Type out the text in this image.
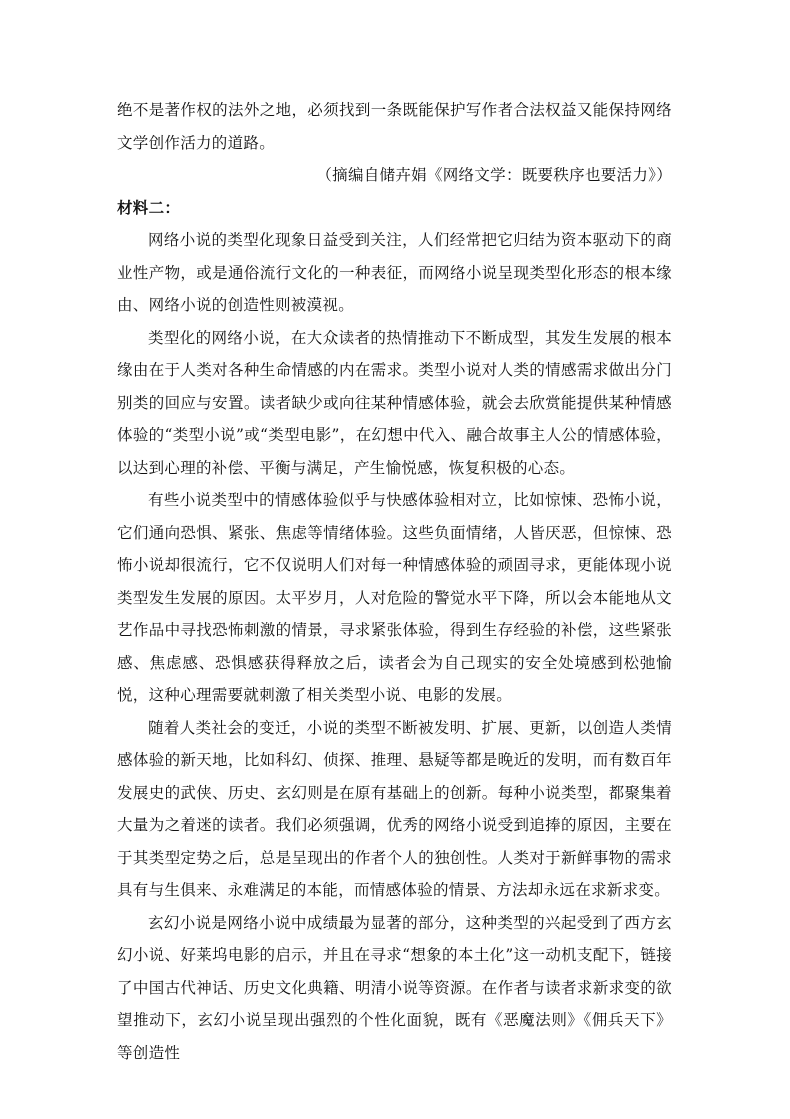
绝不是著作权的法外之地，必须找到一条既能保护写作者合法权益又能保持网络文学创作活力的道路。

（摘编自储卉娟《网络文学：既要秩序也要活力》）

材料二：

网络小说的类型化现象日益受到关注，人们经常把它归结为资本驱动下的商业性产物，或是通俗流行文化的一种表征，而网络小说呈现类型化形态的根本缘由、网络小说的创造性则被漠视。

类型化的网络小说，在大众读者的热情推动下不断成型，其发生发展的根本缘由在于人类对各种生命情感的内在需求。类型小说对人类的情感需求做出分门别类的回应与安置。读者缺少或向往某种情感体验，就会去欣赏能提供某种情感体验的“类型小说”或“类型电影”，在幻想中代入、融合故事主人公的情感体验，以达到心理的补偿、平衡与满足，产生愉悦感，恢复积极的心态。

有些小说类型中的情感体验似乎与快感体验相对立，比如惊悚、恐怖小说，它们通向恐惧、紧张、焦虑等情绪体验。这些负面情绪，人皆厌恶，但惊悚、恐怖小说却很流行，它不仅说明人们对每一种情感体验的顽固寻求，更能体现小说类型发生发展的原因。太平岁月，人对危险的警觉水平下降，所以会本能地从文艺作品中寻找恐怖刺激的情景，寻求紧张体验，得到生存经验的补偿，这些紧张感、焦虑感、恐惧感获得释放之后，读者会为自己现实的安全处境感到松弛愉悦，这种心理需要就刺激了相关类型小说、电影的发展。

随着人类社会的变迁，小说的类型不断被发明、扩展、更新，以创造人类情感体验的新天地，比如科幻、侦探、推理、悬疑等都是晚近的发明，而有数百年发展史的武侠、历史、玄幻则是在原有基础上的创新。每种小说类型，都聚集着大量为之着迷的读者。我们必须强调，优秀的网络小说受到追捧的原因，主要在于其类型定势之后，总是呈现出的作者个人的独创性。人类对于新鲜事物的需求具有与生俱来、永难满足的本能，而情感体验的情景、方法却永远在求新求变。

玄幻小说是网络小说中成绩最为显著的部分，这种类型的兴起受到了西方玄幻小说、好莱坞电影的启示，并且在寻求“想象的本土化”这一动机支配下，链接了中国古代神话、历史文化典籍、明清小说等资源。在作者与读者求新求变的欲望推动下，玄幻小说呈现出强烈的个性化面貌，既有《恶魔法则》《佣兵天下》等创造性
